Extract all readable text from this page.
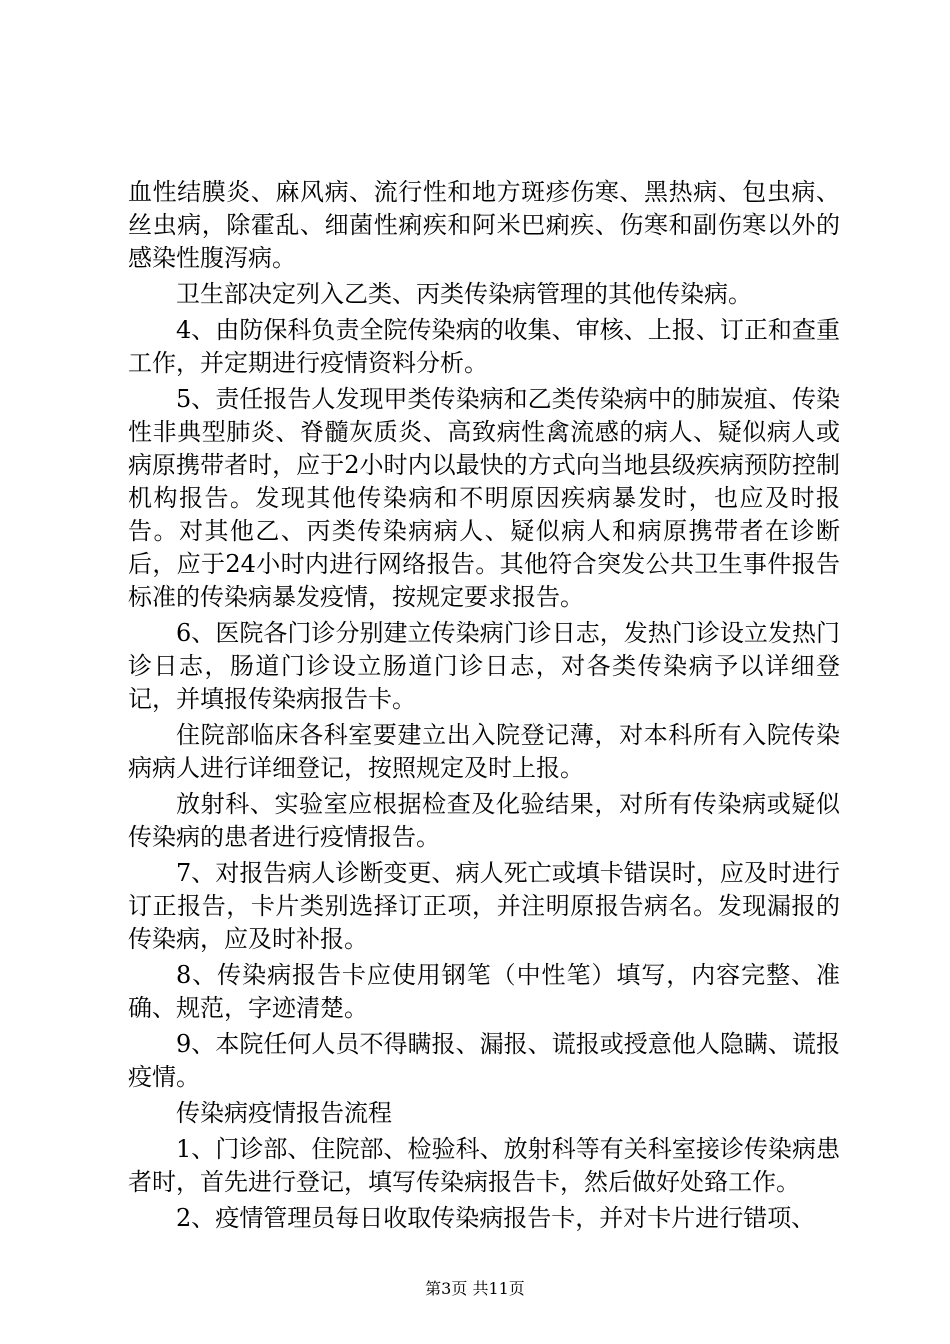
血性结膜炎、麻风病、流行性和地方斑疹伤寒、黑热病、包虫病、丝虫病，除霍乱、细菌性痢疾和阿米巴痢疾、伤寒和副伤寒以外的感染性腹泻病。

卫生部决定列入乙类、丙类传染病管理的其他传染病。

4、由防保科负责全院传染病的收集、审核、上报、订正和查重工作，并定期进行疫情资料分析。

5、责任报告人发现甲类传染病和乙类传染病中的肺炭疽、传染性非典型肺炎、脊髓灰质炎、高致病性禽流感的病人、疑似病人或病原携带者时，应于2小时内以最快的方式向当地县级疾病预防控制机构报告。发现其他传染病和不明原因疾病暴发时，也应及时报告。对其他乙、丙类传染病病人、疑似病人和病原携带者在诊断后，应于24小时内进行网络报告。其他符合突发公共卫生事件报告标准的传染病暴发疫情，按规定要求报告。

6、医院各门诊分别建立传染病门诊日志，发热门诊设立发热门诊日志，肠道门诊设立肠道门诊日志，对各类传染病予以详细登记，并填报传染病报告卡。

住院部临床各科室要建立出入院登记薄，对本科所有入院传染病病人进行详细登记，按照规定及时上报。

放射科、实验室应根据检查及化验结果，对所有传染病或疑似传染病的患者进行疫情报告。

7、对报告病人诊断变更、病人死亡或填卡错误时，应及时进行订正报告，卡片类别选择订正项，并注明原报告病名。发现漏报的传染病，应及时补报。

8、传染病报告卡应使用钢笔（中性笔）填写，内容完整、准确、规范，字迹清楚。

9、本院任何人员不得瞒报、漏报、谎报或授意他人隐瞒、谎报疫情。

传染病疫情报告流程

1、门诊部、住院部、检验科、放射科等有关科室接诊传染病患者时，首先进行登记，填写传染病报告卡，然后做好处臵工作。

2、疫情管理员每日收取传染病报告卡，并对卡片进行错项、

第3页 共11页
